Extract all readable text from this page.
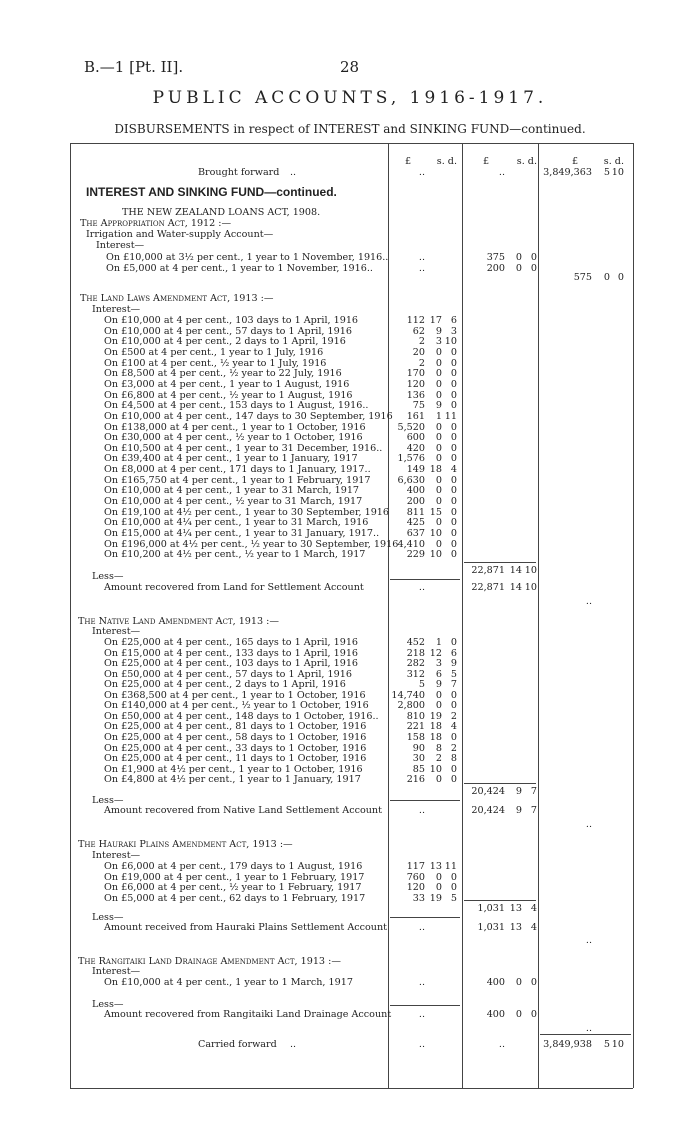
B.—1 [Pt. II].	28
PUBLIC ACCOUNTS, 1916-1917.
DISBURSEMENTS in respect of INTEREST and SINKING FUND—continued.
£	£	£
s. d.	s. d.	s. d.
Brought forward ..	..	..	3,849,363	5 10
INTEREST AND SINKING FUND—continued.
THE NEW ZEALAND LOANS ACT, 1908.
The Appropriation Act, 1912 :—
Irrigation and Water-supply Account—
Interest—
On £10,000 at 3½ per cent., 1 year to 1 November, 1916..	..	375	0 0
On £5,000 at 4 per cent., 1 year to 1 November, 1916..	..	200	0 0
575	0 0
The Land Laws Amendment Act, 1913 :—
Interest—
On £10,000 at 4 per cent., 103 days to 1 April, 1916	112 17 6
On £10,000 at 4 per cent., 57 days to 1 April, 1916	62	9 3
On £10,000 at 4 per cent., 2 days to 1 April, 1916	2	3 10
On £500 at 4 per cent., 1 year to 1 July, 1916	20	0 0
On £100 at 4 per cent., ½ year to 1 July, 1916	2	0 0
On £8,500 at 4 per cent., ½ year to 22 July, 1916	170	0 0
On £3,000 at 4 per cent., 1 year to 1 August, 1916	120	0 0
On £6,800 at 4 per cent., ½ year to 1 August, 1916	136	0 0
On £4,500 at 4 per cent., 153 days to 1 August, 1916..	75	9 0
On £10,000 at 4 per cent., 147 days to 30 September, 1916	161	1 11
On £138,000 at 4 per cent., 1 year to 1 October, 1916	5,520	0 0
On £30,000 at 4 per cent., ½ year to 1 October, 1916	600	0 0
On £10,500 at 4 per cent., 1 year to 31 December, 1916..	420	0 0
On £39,400 at 4 per cent., 1 year to 1 January, 1917	1,576	0 0
On £8,000 at 4 per cent., 171 days to 1 January, 1917..	149 18 4
On £165,750 at 4 per cent., 1 year to 1 February, 1917	6,630	0 0
On £10,000 at 4 per cent., 1 year to 31 March, 1917	400	0 0
On £10,000 at 4 per cent., ½ year to 31 March, 1917	200	0 0
On £19,100 at 4½ per cent., 1 year to 30 September, 1916	811 15 0
On £10,000 at 4¼ per cent., 1 year to 31 March, 1916	425	0 0
On £15,000 at 4¼ per cent., 1 year to 31 January, 1917..	637 10 0
On £196,000 at 4½ per cent., ½ year to 30 September, 1916 4,410	0 0
On £10,200 at 4½ per cent., ½ year to 1 March, 1917	229 10 0
22,871 14 10
Less—
Amount recovered from Land for Settlement Account	..	22,871 14 10
..
The Native Land Amendment Act, 1913 :—
Interest—
On £25,000 at 4 per cent., 165 days to 1 April, 1916	452	1 0
On £15,000 at 4 per cent., 133 days to 1 April, 1916	218 12 6
On £25,000 at 4 per cent., 103 days to 1 April, 1916	282	3 9
On £50,000 at 4 per cent., 57 days to 1 April, 1916	312	6 5
On £25,000 at 4 per cent., 2 days to 1 April, 1916	5	9 7
On £368,500 at 4 per cent., 1 year to 1 October, 1916	14,740	0 0
On £140,000 at 4 per cent., ½ year to 1 October, 1916	2,800	0 0
On £50,000 at 4 per cent., 148 days to 1 October, 1916..	810 19 2
On £25,000 at 4 per cent., 81 days to 1 October, 1916	221 18 4
On £25,000 at 4 per cent., 58 days to 1 October, 1916	158 18 0
On £25,000 at 4 per cent., 33 days to 1 October, 1916	90	8 2
On £25,000 at 4 per cent., 11 days to 1 October, 1916	30	2 8
On £1,900 at 4½ per cent., 1 year to 1 October, 1916	85 10 0
On £4,800 at 4½ per cent., 1 year to 1 January, 1917	216	0 0
20,424	9 7
Less—
Amount recovered from Native Land Settlement Account	..	20,424	9 7
..
The Hauraki Plains Amendment Act, 1913 :—
Interest—
On £6,000 at 4 per cent., 179 days to 1 August, 1916	117 13 11
On £19,000 at 4 per cent., 1 year to 1 February, 1917	760	0 0
On £6,000 at 4 per cent., ½ year to 1 February, 1917	120	0 0
On £5,000 at 4 per cent., 62 days to 1 February, 1917	33 19 5
1,031 13 4
Less—
Amount received from Hauraki Plains Settlement Account	..	1,031 13 4
..
The Rangitaiki Land Drainage Amendment Act, 1913 :—
Interest—
On £10,000 at 4 per cent., 1 year to 1 March, 1917	..	400	0 0
Less—
Amount recovered from Rangitaiki Land Drainage Account	..	400	0 0
..
Carried forward ..	..	..	3,849,938	5 10
